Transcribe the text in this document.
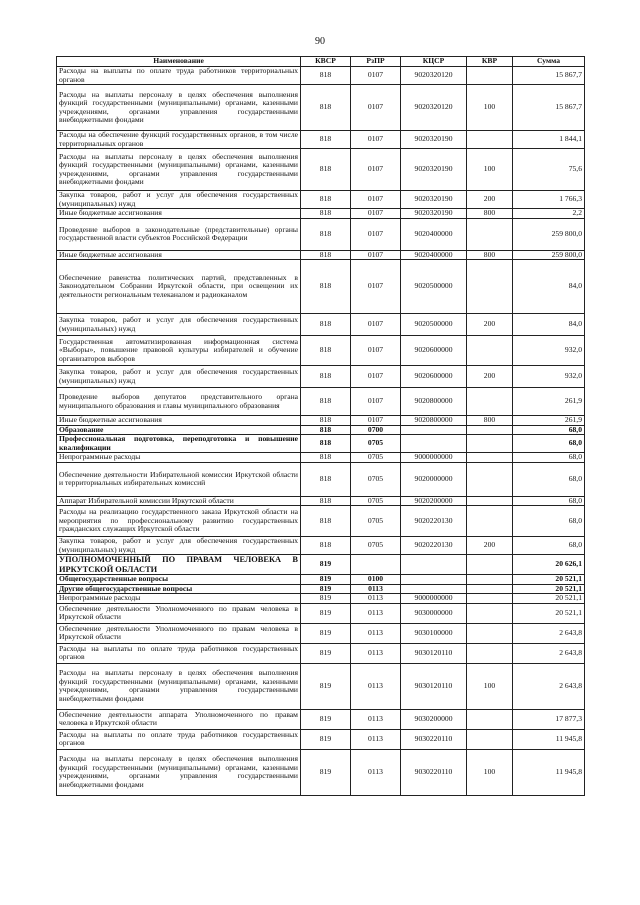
90
Наименование	КВСР	РзПР	КЦСР	КВР	Сумма
Расходы на выплаты по оплате труда работников территориальных органов	818	0107	9020320120		15 867,7
Расходы на выплаты персоналу в целях обеспечения выполнения функций государственными (муниципальными) органами, казенными учреждениями, органами управления государственными внебюджетными фондами	818	0107	9020320120	100	15 867,7
Расходы на обеспечение функций государственных органов, в том числе территориальных органов	818	0107	9020320190		1 844,1
Расходы на выплаты персоналу в целях обеспечения выполнения функций государственными (муниципальными) органами, казенными учреждениями, органами управления государственными внебюджетными фондами	818	0107	9020320190	100	75,6
Закупка товаров, работ и услуг для обеспечения государственных (муниципальных) нужд	818	0107	9020320190	200	1 766,3
Иные бюджетные ассигнования	818	0107	9020320190	800	2,2
Проведение выборов в законодательные (представительные) органы государственной власти субъектов Российской Федерации	818	0107	9020400000		259 800,0
Иные бюджетные ассигнования	818	0107	9020400000	800	259 800,0
Обеспечение равенства политических партий, представленных в Законодательном Собрании Иркутской области, при освещении их деятельности региональным телеканалом и радиоканалом	818	0107	9020500000		84,0
Закупка товаров, работ и услуг для обеспечения государственных (муниципальных) нужд	818	0107	9020500000	200	84,0
Государственная автоматизированная информационная система «Выборы», повышение правовой культуры избирателей и обучение организаторов выборов	818	0107	9020600000		932,0
Закупка товаров, работ и услуг для обеспечения государственных (муниципальных) нужд	818	0107	9020600000	200	932,0
Проведение выборов депутатов представительного органа муниципального образования и главы муниципального образования	818	0107	9020800000		261,9
Иные бюджетные ассигнования	818	0107	9020800000	800	261,9
Образование	818	0700			68,0
Профессиональная подготовка, переподготовка и повышение квалификации	818	0705			68,0
Непрограммные расходы	818	0705	9000000000		68,0
Обеспечение деятельности Избирательной комиссии Иркутской области и территориальных избирательных комиссий	818	0705	9020000000		68,0
Аппарат Избирательной комиссии Иркутской области	818	0705	9020200000		68,0
Расходы на реализацию государственного заказа Иркутской области на мероприятия по профессиональному развитию государственных гражданских служащих Иркутской области	818	0705	9020220130		68,0
Закупка товаров, работ и услуг для обеспечения государственных (муниципальных) нужд	818	0705	9020220130	200	68,0
УПОЛНОМОЧЕННЫЙ ПО ПРАВАМ ЧЕЛОВЕКА В ИРКУТСКОЙ ОБЛАСТИ	819				20 626,1
Общегосударственные вопросы	819	0100			20 521,1
Другие общегосударственные вопросы	819	0113			20 521,1
Непрограммные расходы	819	0113	9000000000		20 521,1
Обеспечение деятельности Уполномоченного по правам человека в Иркутской области	819	0113	9030000000		20 521,1
Обеспечение деятельности Уполномоченного по правам человека в Иркутской области	819	0113	9030100000		2 643,8
Расходы на выплаты по оплате труда работников государственных органов	819	0113	9030120110		2 643,8
Расходы на выплаты персоналу в целях обеспечения выполнения функций государственными (муниципальными) органами, казенными учреждениями, органами управления государственными внебюджетными фондами	819	0113	9030120110	100	2 643,8
Обеспечение деятельности аппарата Уполномоченного по правам человека в Иркутской области	819	0113	9030200000		17 877,3
Расходы на выплаты по оплате труда работников государственных органов	819	0113	9030220110		11 945,8
Расходы на выплаты персоналу в целях обеспечения выполнения функций государственными (муниципальными) органами, казенными учреждениями, органами управления государственными внебюджетными фондами	819	0113	9030220110	100	11 945,8
